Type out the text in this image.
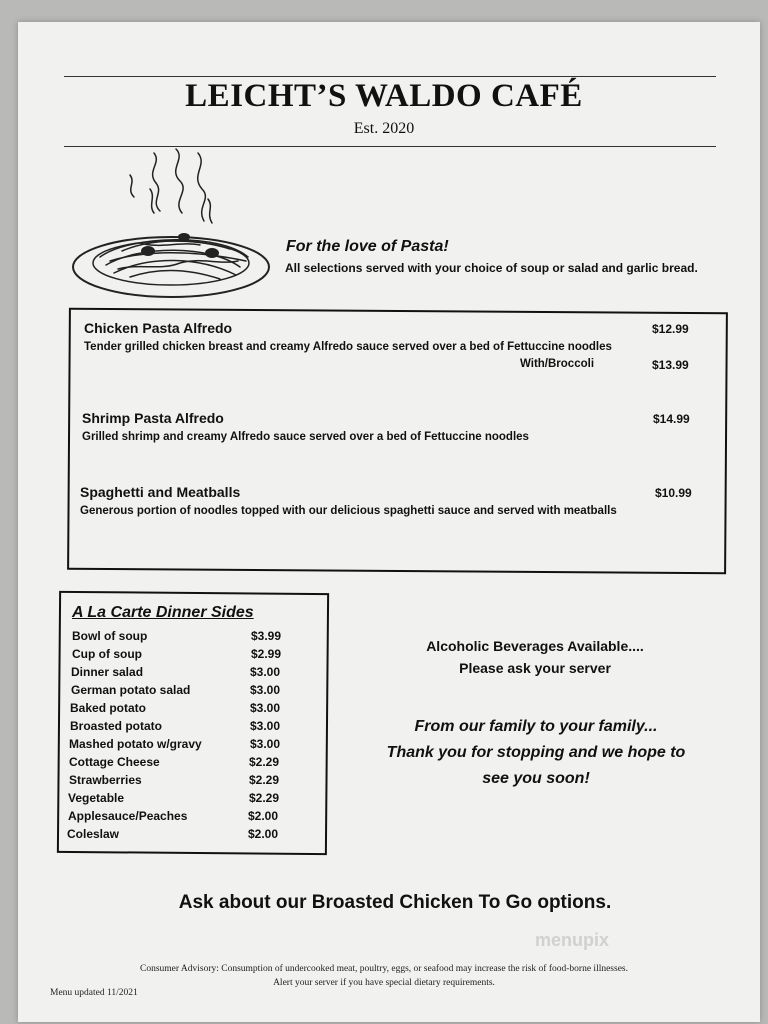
LEICHT’S WALDO CAFÉ
Est. 2020
For the love of Pasta!
All selections served with your choice of soup or salad and garlic bread.
Chicken Pasta Alfredo
Tender grilled chicken breast and creamy Alfredo sauce served over a bed of Fettuccine noodles
$12.99
With/Broccoli	$13.99
Shrimp Pasta Alfredo
Grilled shrimp and creamy Alfredo sauce served over a bed of Fettuccine noodles
$14.99
Spaghetti and Meatballs
Generous portion of noodles topped with our delicious spaghetti sauce and served with meatballs
$10.99
A La Carte Dinner Sides
Bowl of soup	$3.99
Cup of soup	$2.99
Dinner salad	$3.00
German potato salad	$3.00
Baked potato	$3.00
Broasted potato	$3.00
Mashed potato w/gravy	$3.00
Cottage Cheese	$2.29
Strawberries	$2.29
Vegetable	$2.29
Applesauce/Peaches	$2.00
Coleslaw	$2.00
Alcoholic Beverages Available....
Please ask your server
From our family to your family...
Thank you for stopping and we hope to
see you soon!
Ask about our Broasted Chicken To Go options.
menupix
Consumer Advisory: Consumption of undercooked meat, poultry, eggs, or seafood may increase the risk of food-borne illnesses.
Alert your server if you have special dietary requirements.
Menu updated 11/2021
